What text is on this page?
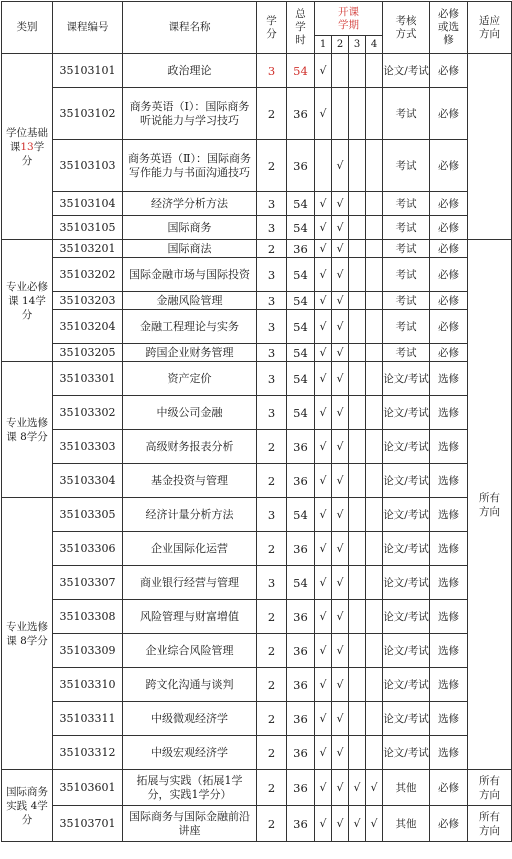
类别	课程编号	课程名称	学分	总学时	开课学期				考核方式	必修或选修	适应方向
					1	2	3	4			
学位基础课13学分	35103101	政治理论	3	54	√				论文/考试	必修	
	35103102	商务英语（Ⅰ）：国际商务听说能力与学习技巧	2	36	√				考试	必修	
	35103103	商务英语（Ⅱ）：国际商务写作能力与书面沟通技巧	2	36		√			考试	必修	
	35103104	经济学分析方法	3	54	√	√			考试	必修	
	35103105	国际商务	3	54	√	√			考试	必修	
专业必修课 14学分	35103201	国际商法	2	36	√	√			考试	必修	所有方向
	35103202	国际金融市场与国际投资	3	54	√	√			考试	必修	
	35103203	金融风险管理	3	54	√	√			考试	必修	
	35103204	金融工程理论与实务	3	54	√	√			考试	必修	
	35103205	跨国企业财务管理	3	54	√	√			考试	必修	
专业选修课 8学分	35103301	资产定价	3	54	√	√			论文/考试	选修	
	35103302	中级公司金融	3	54	√	√			论文/考试	选修	
	35103303	高级财务报表分析	2	36	√	√			论文/考试	选修	
	35103304	基金投资与管理	2	36	√	√			论文/考试	选修	
专业选修课 8学分	35103305	经济计量分析方法	3	54	√	√			论文/考试	选修	
	35103306	企业国际化运营	2	36	√	√			论文/考试	选修	
	35103307	商业银行经营与管理	3	54	√	√			论文/考试	选修	
	35103308	风险管理与财富增值	2	36	√	√			论文/考试	选修	
	35103309	企业综合风险管理	2	36	√	√			论文/考试	选修	
	35103310	跨文化沟通与谈判	2	36	√	√			论文/考试	选修	
	35103311	中级微观经济学	2	36	√	√			论文/考试	选修	
	35103312	中级宏观经济学	2	36	√	√			论文/考试	选修	
国际商务实践 4学分	35103601	拓展与实践（拓展1学分，实践1学分）	2	36	√	√	√	√	其他	必修	所有方向
	35103701	国际商务与国际金融前沿讲座	2	36	√	√	√	√	其他	必修	所有方向
